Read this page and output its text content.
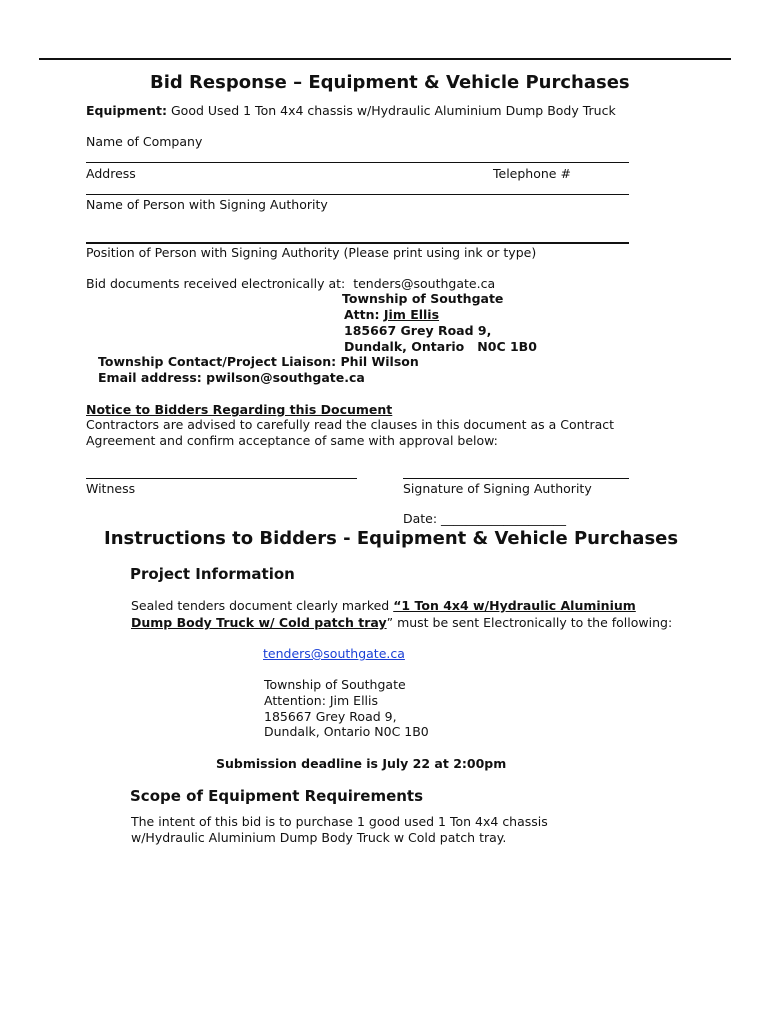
Bid Response – Equipment & Vehicle Purchases
Equipment: Good Used 1 Ton 4x4 chassis w/Hydraulic Aluminium Dump Body Truck
Name of Company
Address	Telephone #
Name of Person with Signing Authority
Position of Person with Signing Authority (Please print using ink or type)
Bid documents received electronically at: tenders@southgate.ca
Township of Southgate
Attn: Jim Ellis
185667 Grey Road 9,
Dundalk, Ontario   N0C 1B0
Township Contact/Project Liaison: Phil Wilson
Email address: pwilson@southgate.ca
Notice to Bidders Regarding this Document
Contractors are advised to carefully read the clauses in this document as a Contract
Agreement and confirm acceptance of same with approval below:
Witness	Signature of Signing Authority
Date: ____________________
Instructions to Bidders - Equipment & Vehicle Purchases
Project Information
Sealed tenders document clearly marked “1 Ton 4x4 w/Hydraulic Aluminium
Dump Body Truck w/ Cold patch tray” must be sent Electronically to the following:
tenders@southgate.ca
Township of Southgate
Attention: Jim Ellis
185667 Grey Road 9,
Dundalk, Ontario N0C 1B0
Submission deadline is July 22 at 2:00pm
Scope of Equipment Requirements
The intent of this bid is to purchase 1 good used 1 Ton 4x4 chassis
w/Hydraulic Aluminium Dump Body Truck w Cold patch tray.
